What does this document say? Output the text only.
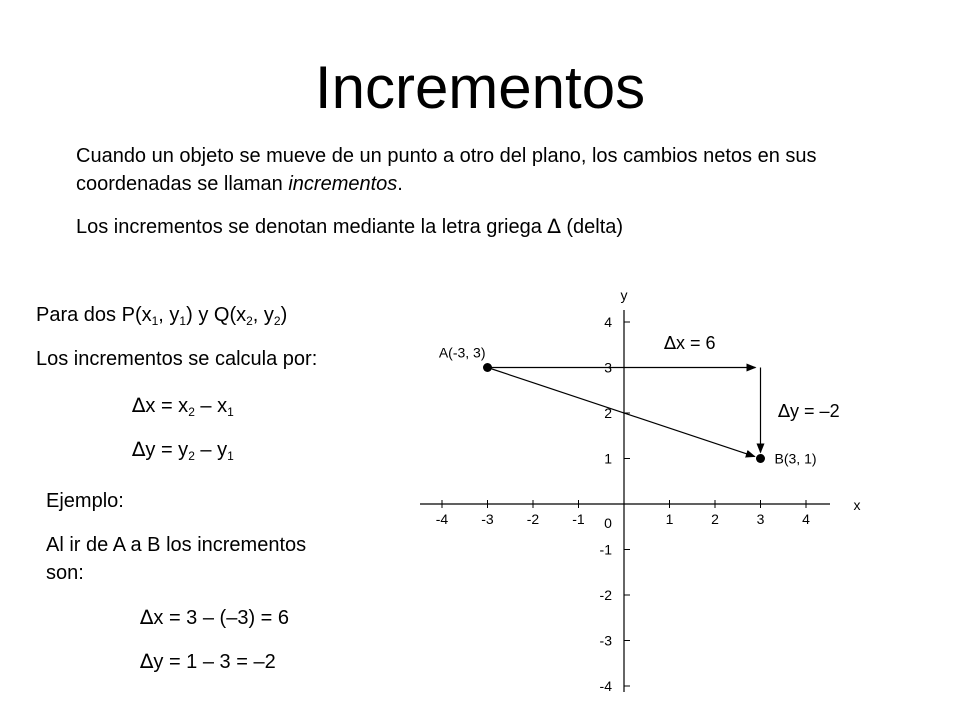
Incrementos
Cuando un objeto se mueve de un punto a otro del plano, los cambios netos en sus coordenadas se llaman incrementos.
Los incrementos se denotan mediante la letra griega ∆ (delta)
Para dos $P(x_1$, $y_1$) y $Q(x_2$, $y_2$)
Los incrementos se calcula por:
$\Delta x = x_2 - x_1$
$\Delta y = y_2 - y_1$
Ejemplo:
Al ir de A a B los incrementos
son:
∆x = 3 – (–3) = 6
∆y = 1 – 3 = –2
∆x = 6
∆y = –2
-4 -3 -2 -1	1	2	3	4
-4
-3
-2
-1
1
2
3
4
x
y
0
A(-3, 3)
B(3, 1)
